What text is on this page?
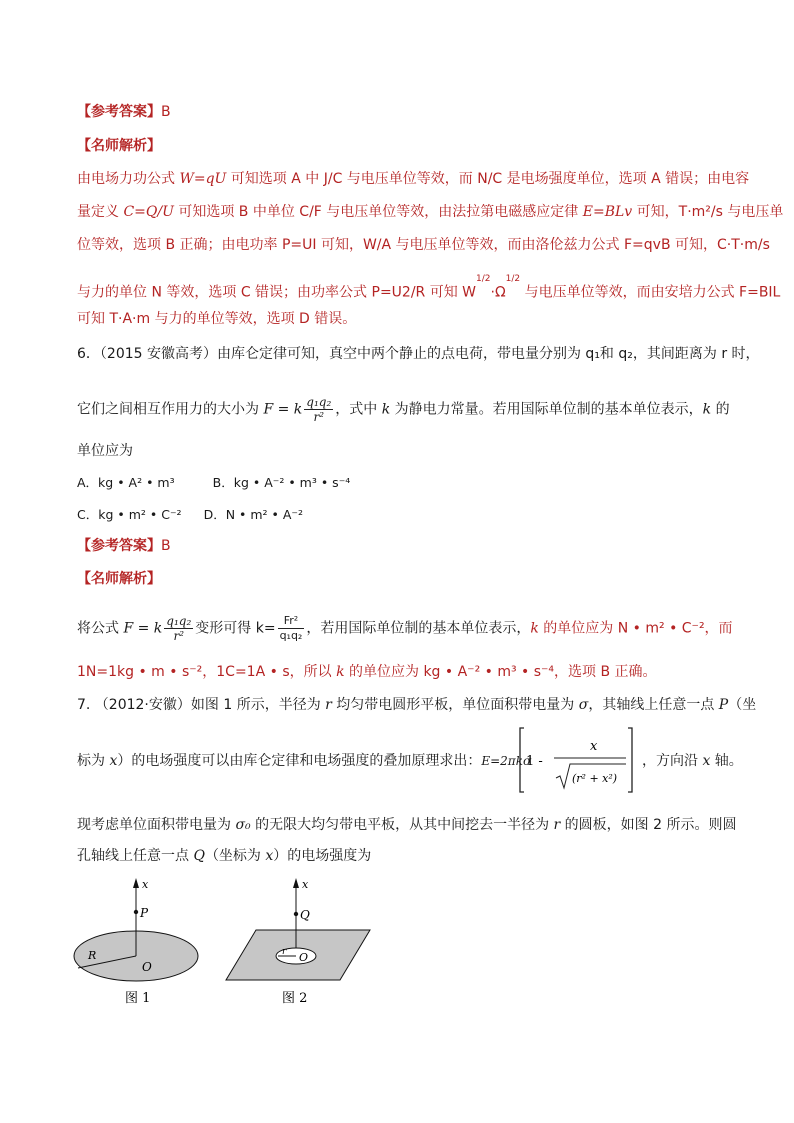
【参考答案】B
【名师解析】
由电场力功公式 W=qU 可知选项 A 中 J/C 与电压单位等效，而 N/C 是电场强度单位，选项 A 错误；由电容
量定义 C=Q/U 可知选项 B 中单位 C/F 与电压单位等效，由法拉第电磁感应定律 E=BLv 可知，T·m²/s 与电压单
位等效，选项 B 正确；由电功率 P=UI 可知，W/A 与电压单位等效，而由洛伦兹力公式 F=qvB 可知，C·T·m/s
与力的单位 N 等效，选项 C 错误；由功率公式 P=U2/R 可知 $W^{1/2}\cdot\Omega^{1/2}$ 与电压单位等效，而由安培力公式 F=BIL
可知 T·A·m 与力的单位等效，选项 D 错误。
6．（2015 安徽高考）由库仑定律可知，真空中两个静止的点电荷，带电量分别为 q₁和 q₂，其间距离为 r 时，
它们之间相互作用力的大小为 F = k $\frac{\text{q₁q₂}}{\text{r²}}$ ，式中 k 为静电力常量。若用国际单位制的基本单位表示，k 的
单位应为
A．kg • A² • m³	B．kg • A⁻² • m³ • s⁻⁴
C．kg • m² • C⁻² D．N • m² • A⁻²
【参考答案】B
【名师解析】
将公式 F = k $\frac{\text{q₁q₂}}{\text{r²}}$ 变形可得 $k= \frac{\text{Fr²}}{\text{q₁q₂}}$ ，若用国际单位制的基本单位表示，k 的单位应为 N • m² • C⁻²，而
1N=1kg • m • s⁻²，1C=1A • s，所以 k 的单位应为 kg • A⁻² • m³ • s⁻⁴，选项 B 正确。
7. （2012·安徽）如图 1 所示，半径为 r 均匀带电圆形平板，单位面积带电量为 σ，其轴线上任意一点 P（坐
标为 x）的电场强度可以由库仑定律和电场强度的叠加原理求出：E=2πkσ
1 -
x
(r² + x²)
，方向沿 x 轴。
现考虑单位面积带电量为 σ₀ 的无限大均匀带电平板，从其中间挖去一半径为 r 的圆板，如图 2 所示。则圆
孔轴线上任意一点 Q（坐标为 x）的电场强度为
x
P
R
O
图 1
x
Q
r O
图 2
